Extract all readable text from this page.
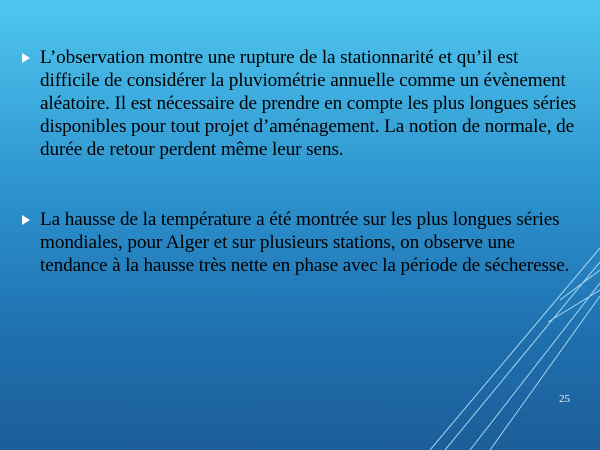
L’observation montre une rupture de la stationnarité et qu’il est difficile de considérer la pluviométrie annuelle comme un évènement aléatoire. Il est nécessaire de prendre en compte les plus longues séries disponibles pour tout projet d’aménagement. La notion de normale, de durée de retour perdent même leur sens.

La hausse de la température a été montrée sur les plus longues séries mondiales, pour Alger et sur plusieurs stations, on observe une tendance à la hausse très nette en phase avec la période de sécheresse.

25
